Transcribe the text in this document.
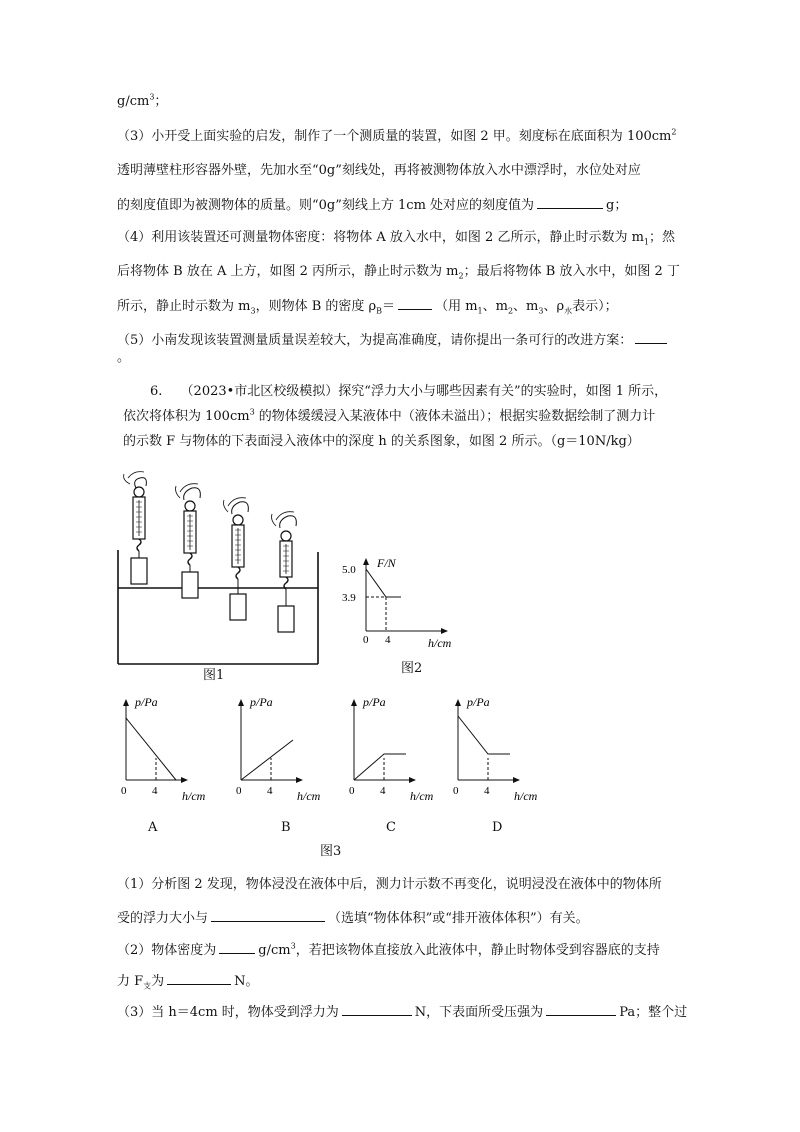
$g/cm^3$；
（3）小开受上面实验的启发，制作了一个测质量的装置，如图 2 甲。刻度标在底面积为 $100cm^2$
透明薄壁柱形容器外壁，先加水至“0g”刻线处，再将被测物体放入水中漂浮时，水位处对应
的刻度值即为被测物体的质量。则“0g”刻线上方 1cm 处对应的刻度值为	g；
（4）利用该装置还可测量物体密度：将物体 A 放入水中，如图 2 乙所示，静止时示数为 $m_1$；然
后将物体 B 放在 A 上方，如图 2 丙所示，静止时示数为 $m_2$；最后将物体 B 放入水中，如图 2 丁
所示，静止时示数为 $m_3$，则物体 B 的密度 $\rho_B=$	（用 $m_1$、$m_2$、$m_3$、$\rho_水$表示）；
（5）小南发现该装置测量质量误差较大，为提高准确度，请你提出一条可行的改进方案：
。
6. （2023•市北区校级模拟）探究“浮力大小与哪些因素有关”的实验时，如图 1 所示，
依次将体积为 $100cm^3$ 的物体缓缓浸入某液体中（液体未溢出）；根据实验数据绘制了测力计
的示数 F 与物体的下表面浸入液体中的深度 h 的关系图象，如图 2 所示。（g＝10N/kg）
图1
F/N
5.0
3.9
0 4	h/cm
图2
p/Pa
0 4 h/cm
p/Pa
0 4 h/cm
p/Pa
0 4 h/cm
p/Pa
0 4 h/cm
A	B	C	D
图3
（1）分析图 2 发现，物体浸没在液体中后，测力计示数不再变化，说明浸没在液体中的物体所
受的浮力大小与	（选填“物体体积”或“排开液体体积”）有关。
（2）物体密度为	$g/cm^3$，若把该物体直接放入此液体中，静止时物体受到容器底的支持
力 $F_支$为	N。
（3）当 h＝4cm 时，物体受到浮力为	N，下表面所受压强为	Pa；整个过
